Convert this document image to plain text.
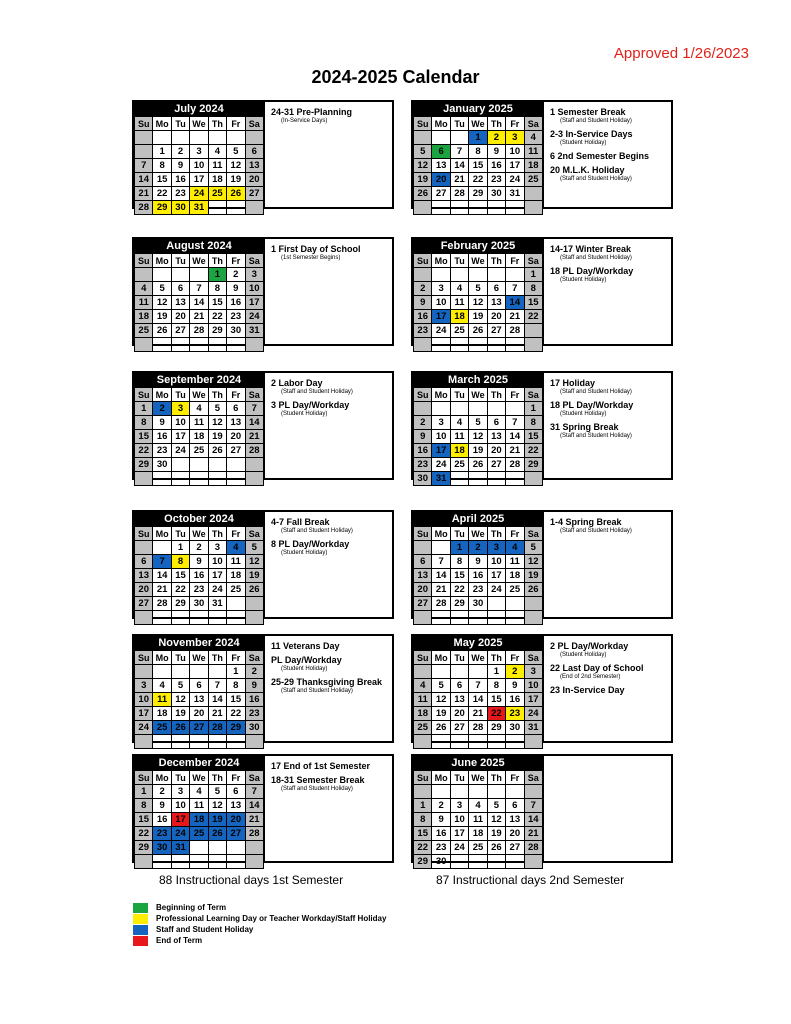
Approved 1/26/2023
2024-2025 Calendar
July 2024
Su	Mo	Tu	We	Th	Fr	Sa

	1	2	3	4	5	6
7	8	9	10	11	12	13
14	15	16	17	18	19	20
21	22	23	24	25	26	27
28	29	30	31			
24-31 Pre-Planning
(In-Service Days)
January 2025
Su	Mo	Tu	We	Th	Fr	Sa
			1	2	3	4
5	6	7	8	9	10	11
12	13	14	15	16	17	18
19	20	21	22	23	24	25
26	27	28	29	30	31	

1 Semester Break
(Staff and Student Holiday)
2-3 In-Service Days
(Student Holiday)
6 2nd Semester Begins
20 M.L.K. Holiday
(Staff and Student Holiday)
August 2024
Su	Mo	Tu	We	Th	Fr	Sa
				1	2	3
4	5	6	7	8	9	10
11	12	13	14	15	16	17
18	19	20	21	22	23	24
25	26	27	28	29	30	31

1 First Day of School
(1st Semester Begins)
February 2025
Su	Mo	Tu	We	Th	Fr	Sa
						1
2	3	4	5	6	7	8
9	10	11	12	13	14	15
16	17	18	19	20	21	22
23	24	25	26	27	28	

14-17 Winter Break
(Staff and Student Holiday)
18 PL Day/Workday
(Student Holiday)
September 2024
Su	Mo	Tu	We	Th	Fr	Sa
1	2	3	4	5	6	7
8	9	10	11	12	13	14
15	16	17	18	19	20	21
22	23	24	25	26	27	28
29	30					

2 Labor Day
(Staff and Student Holiday)
3 PL Day/Workday
(Student Holiday)
March 2025
Su	Mo	Tu	We	Th	Fr	Sa
						1
2	3	4	5	6	7	8
9	10	11	12	13	14	15
16	17	18	19	20	21	22
23	24	25	26	27	28	29
30	31					
17 Holiday
(Staff and Student Holiday)
18 PL Day/Workday
(Student Holiday)
31 Spring Break
(Staff and Student Holiday)
October 2024
Su	Mo	Tu	We	Th	Fr	Sa
		1	2	3	4	5
6	7	8	9	10	11	12
13	14	15	16	17	18	19
20	21	22	23	24	25	26
27	28	29	30	31		

4-7 Fall Break
(Staff and Student Holiday)
8 PL Day/Workday
(Student Holiday)
April 2025
Su	Mo	Tu	We	Th	Fr	Sa
		1	2	3	4	5
6	7	8	9	10	11	12
13	14	15	16	17	18	19
20	21	22	23	24	25	26
27	28	29	30			

1-4 Spring Break
(Staff and Student Holiday)
November 2024
Su	Mo	Tu	We	Th	Fr	Sa
					1	2
3	4	5	6	7	8	9
10	11	12	13	14	15	16
17	18	19	20	21	22	23
24	25	26	27	28	29	30

11 Veterans Day
PL Day/Workday
(Student Holiday)
25-29 Thanksgiving Break
(Staff and Student Holiday)
May 2025
Su	Mo	Tu	We	Th	Fr	Sa
				1	2	3
4	5	6	7	8	9	10
11	12	13	14	15	16	17
18	19	20	21	22	23	24
25	26	27	28	29	30	31

2 PL Day/Workday
(Student Holiday)
22 Last Day of School
(End of 2nd Semester)
23 In-Service Day
December 2024
Su	Mo	Tu	We	Th	Fr	Sa
1	2	3	4	5	6	7
8	9	10	11	12	13	14
15	16	17	18	19	20	21
22	23	24	25	26	27	28
29	30	31				

17 End of 1st Semester
18-31 Semester Break
(Staff and Student Holiday)
June 2025
Su	Mo	Tu	We	Th	Fr	Sa

1	2	3	4	5	6	7
8	9	10	11	12	13	14
15	16	17	18	19	20	21
22	23	24	25	26	27	28
29	30					
88 Instructional days 1st Semester	87 Instructional days 2nd Semester
Beginning of Term
Professional Learning Day or Teacher Workday/Staff Holiday
Staff and Student Holiday
End of Term
